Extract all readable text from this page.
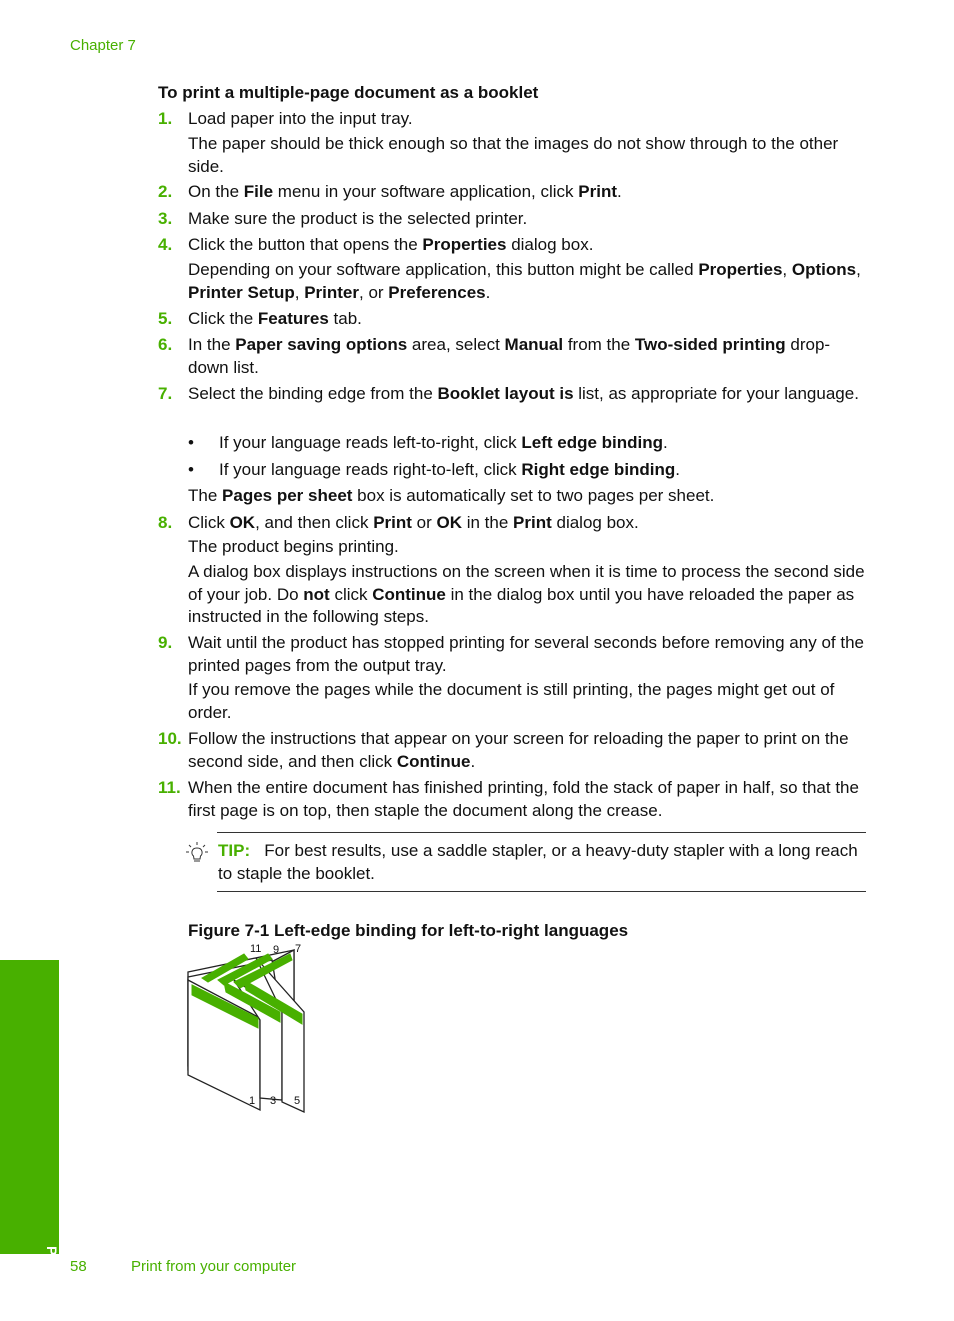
Chapter 7
To print a multiple-page document as a booklet
1. Load paper into the input tray.
The paper should be thick enough so that the images do not show through to the other side.
2. On the File menu in your software application, click Print.
3. Make sure the product is the selected printer.
4. Click the button that opens the Properties dialog box.
Depending on your software application, this button might be called Properties, Options, Printer Setup, Printer, or Preferences.
5. Click the Features tab.
6. In the Paper saving options area, select Manual from the Two-sided printing drop-down list.
7. Select the binding edge from the Booklet layout is list, as appropriate for your language.
• If your language reads left-to-right, click Left edge binding.
• If your language reads right-to-left, click Right edge binding.
The Pages per sheet box is automatically set to two pages per sheet.
8. Click OK, and then click Print or OK in the Print dialog box.
The product begins printing.
A dialog box displays instructions on the screen when it is time to process the second side of your job. Do not click Continue in the dialog box until you have reloaded the paper as instructed in the following steps.
9. Wait until the product has stopped printing for several seconds before removing any of the printed pages from the output tray.
If you remove the pages while the document is still printing, the pages might get out of order.
10. Follow the instructions that appear on your screen for reloading the paper to print on the second side, and then click Continue.
11. When the entire document has finished printing, fold the stack of paper in half, so that the first page is on top, then staple the document along the crease.
TIP: For best results, use a saddle stapler, or a heavy-duty stapler with a long reach to staple the booklet.
Figure 7-1 Left-edge binding for left-to-right languages
11 9 7
1 3 5
Print 58	Print from your computer
